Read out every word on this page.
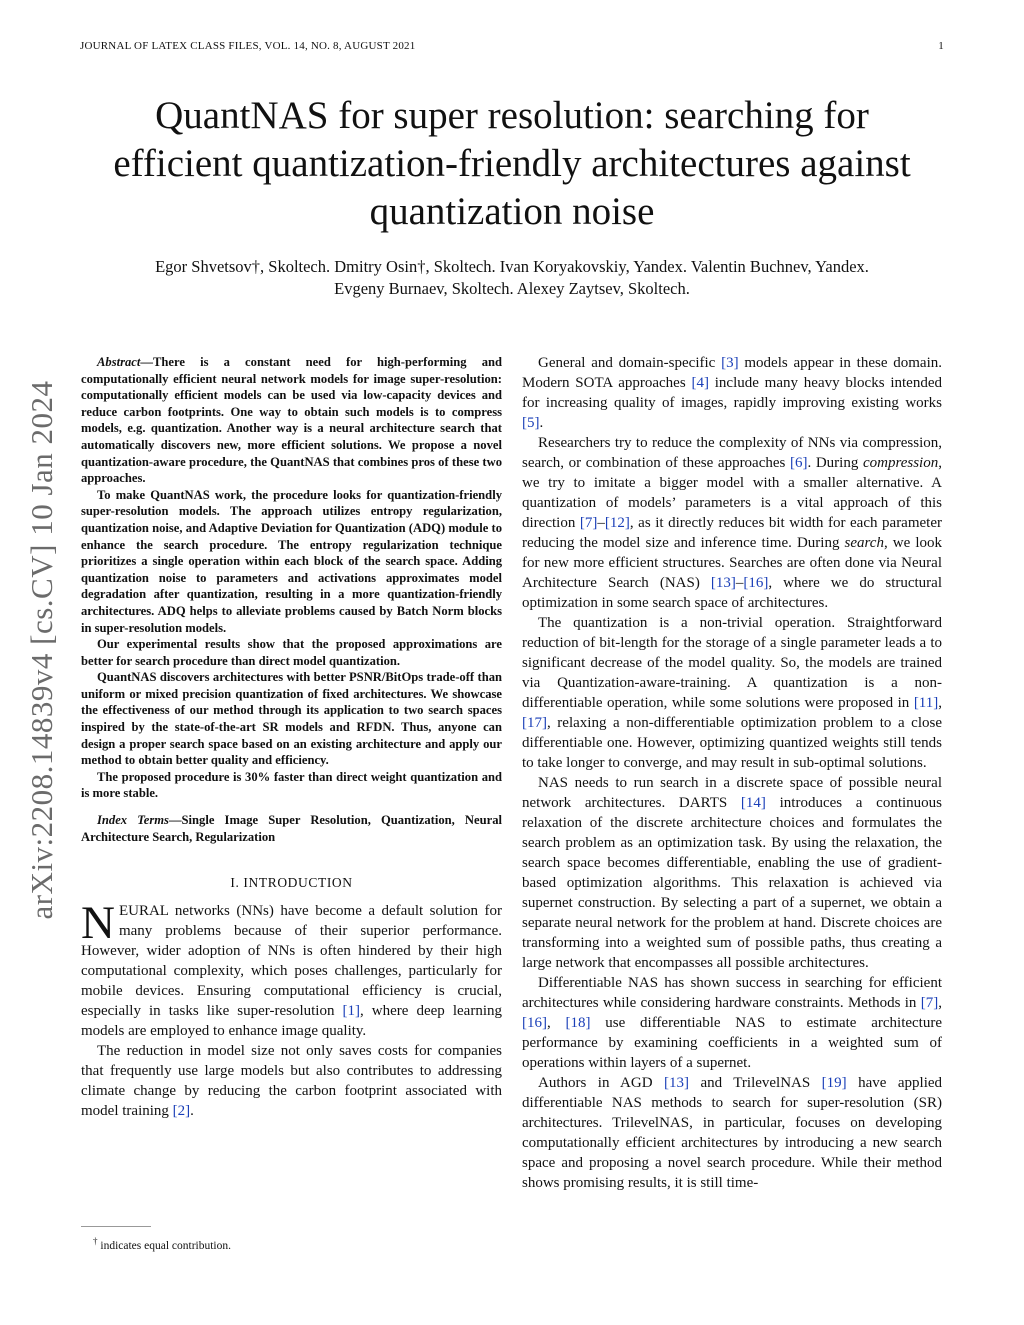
JOURNAL OF LATEX CLASS FILES, VOL. 14, NO. 8, AUGUST 2021	1
QuantNAS for super resolution: searching for
efficient quantization-friendly architectures against
quantization noise
Egor Shvetsov†, Skoltech. Dmitry Osin†, Skoltech. Ivan Koryakovskiy, Yandex. Valentin Buchnev, Yandex.
Evgeny Burnaev, Skoltech. Alexey Zaytsev, Skoltech.
arXiv:2208.14839v4 [cs.CV] 10 Jan 2024

Abstract—There is a constant need for high-performing and computationally efficient neural network models for image super-resolution: computationally efficient models can be used via low-capacity devices and reduce carbon footprints. One way to obtain such models is to compress models, e.g. quantization. Another way is a neural architecture search that automatically discovers new, more efficient solutions. We propose a novel quantization-aware procedure, the QuantNAS that combines pros of these two approaches.

To make QuantNAS work, the procedure looks for quantization-friendly super-resolution models. The approach utilizes entropy regularization, quantization noise, and Adaptive Deviation for Quantization (ADQ) module to enhance the search procedure. The entropy regularization technique prioritizes a single operation within each block of the search space. Adding quantization noise to parameters and activations approximates model degradation after quantization, resulting in a more quantization-friendly architectures. ADQ helps to alleviate problems caused by Batch Norm blocks in super-resolution models.

Our experimental results show that the proposed approximations are better for search procedure than direct model quantization.

QuantNAS discovers architectures with better PSNR/BitOps trade-off than uniform or mixed precision quantization of fixed architectures. We showcase the effectiveness of our method through its application to two search spaces inspired by the state-of-the-art SR models and RFDN. Thus, anyone can design a proper search space based on an existing architecture and apply our method to obtain better quality and efficiency.

The proposed procedure is 30% faster than direct weight quantization and is more stable.

Index Terms—Single Image Super Resolution, Quantization, Neural Architecture Search, Regularization

I. INTRODUCTION

NEURAL networks (NNs) have become a default solution for many problems because of their superior performance. However, wider adoption of NNs is often hindered by their high computational complexity, which poses challenges, particularly for mobile devices. Ensuring computational efficiency is crucial, especially in tasks like super-resolution [1], where deep learning models are employed to enhance image quality.

The reduction in model size not only saves costs for companies that frequently use large models but also contributes to addressing climate change by reducing the carbon footprint associated with model training [2].

† indicates equal contribution.

General and domain-specific [3] models appear in these domain. Modern SOTA approaches [4] include many heavy blocks intended for increasing quality of images, rapidly improving existing works [5].

Researchers try to reduce the complexity of NNs via compression, search, or combination of these approaches [6]. During compression, we try to imitate a bigger model with a smaller alternative. A quantization of models’ parameters is a vital approach of this direction [7]–[12], as it directly reduces bit width for each parameter reducing the model size and inference time. During search, we look for new more efficient structures. Searches are often done via Neural Architecture Search (NAS) [13]–[16], where we do structural optimization in some search space of architectures.

The quantization is a non-trivial operation. Straightforward reduction of bit-length for the storage of a single parameter leads a to significant decrease of the model quality. So, the models are trained via Quantization-aware-training. A quantization is a non-differentiable operation, while some solutions were proposed in [11], [17], relaxing a non-differentiable optimization problem to a close differentiable one. However, optimizing quantized weights still tends to take longer to converge, and may result in sub-optimal solutions.

NAS needs to run search in a discrete space of possible neural network architectures. DARTS [14] introduces a continuous relaxation of the discrete architecture choices and formulates the search problem as an optimization task. By using the relaxation, the search space becomes differentiable, enabling the use of gradient-based optimization algorithms. This relaxation is achieved via supernet construction. By selecting a part of a supernet, we obtain a separate neural network for the problem at hand. Discrete choices are transforming into a weighted sum of possible paths, thus creating a large network that encompasses all possible architectures.

Differentiable NAS has shown success in searching for efficient architectures while considering hardware constraints. Methods in [7], [16], [18] use differentiable NAS to estimate architecture performance by examining coefficients in a weighted sum of operations within layers of a supernet.

Authors in AGD [13] and TrilevelNAS [19] have applied differentiable NAS methods to search for super-resolution (SR) architectures. TrilevelNAS, in particular, focuses on developing computationally efficient architectures by introducing a new search space and proposing a novel search procedure. While their method shows promising results, it is still time-
